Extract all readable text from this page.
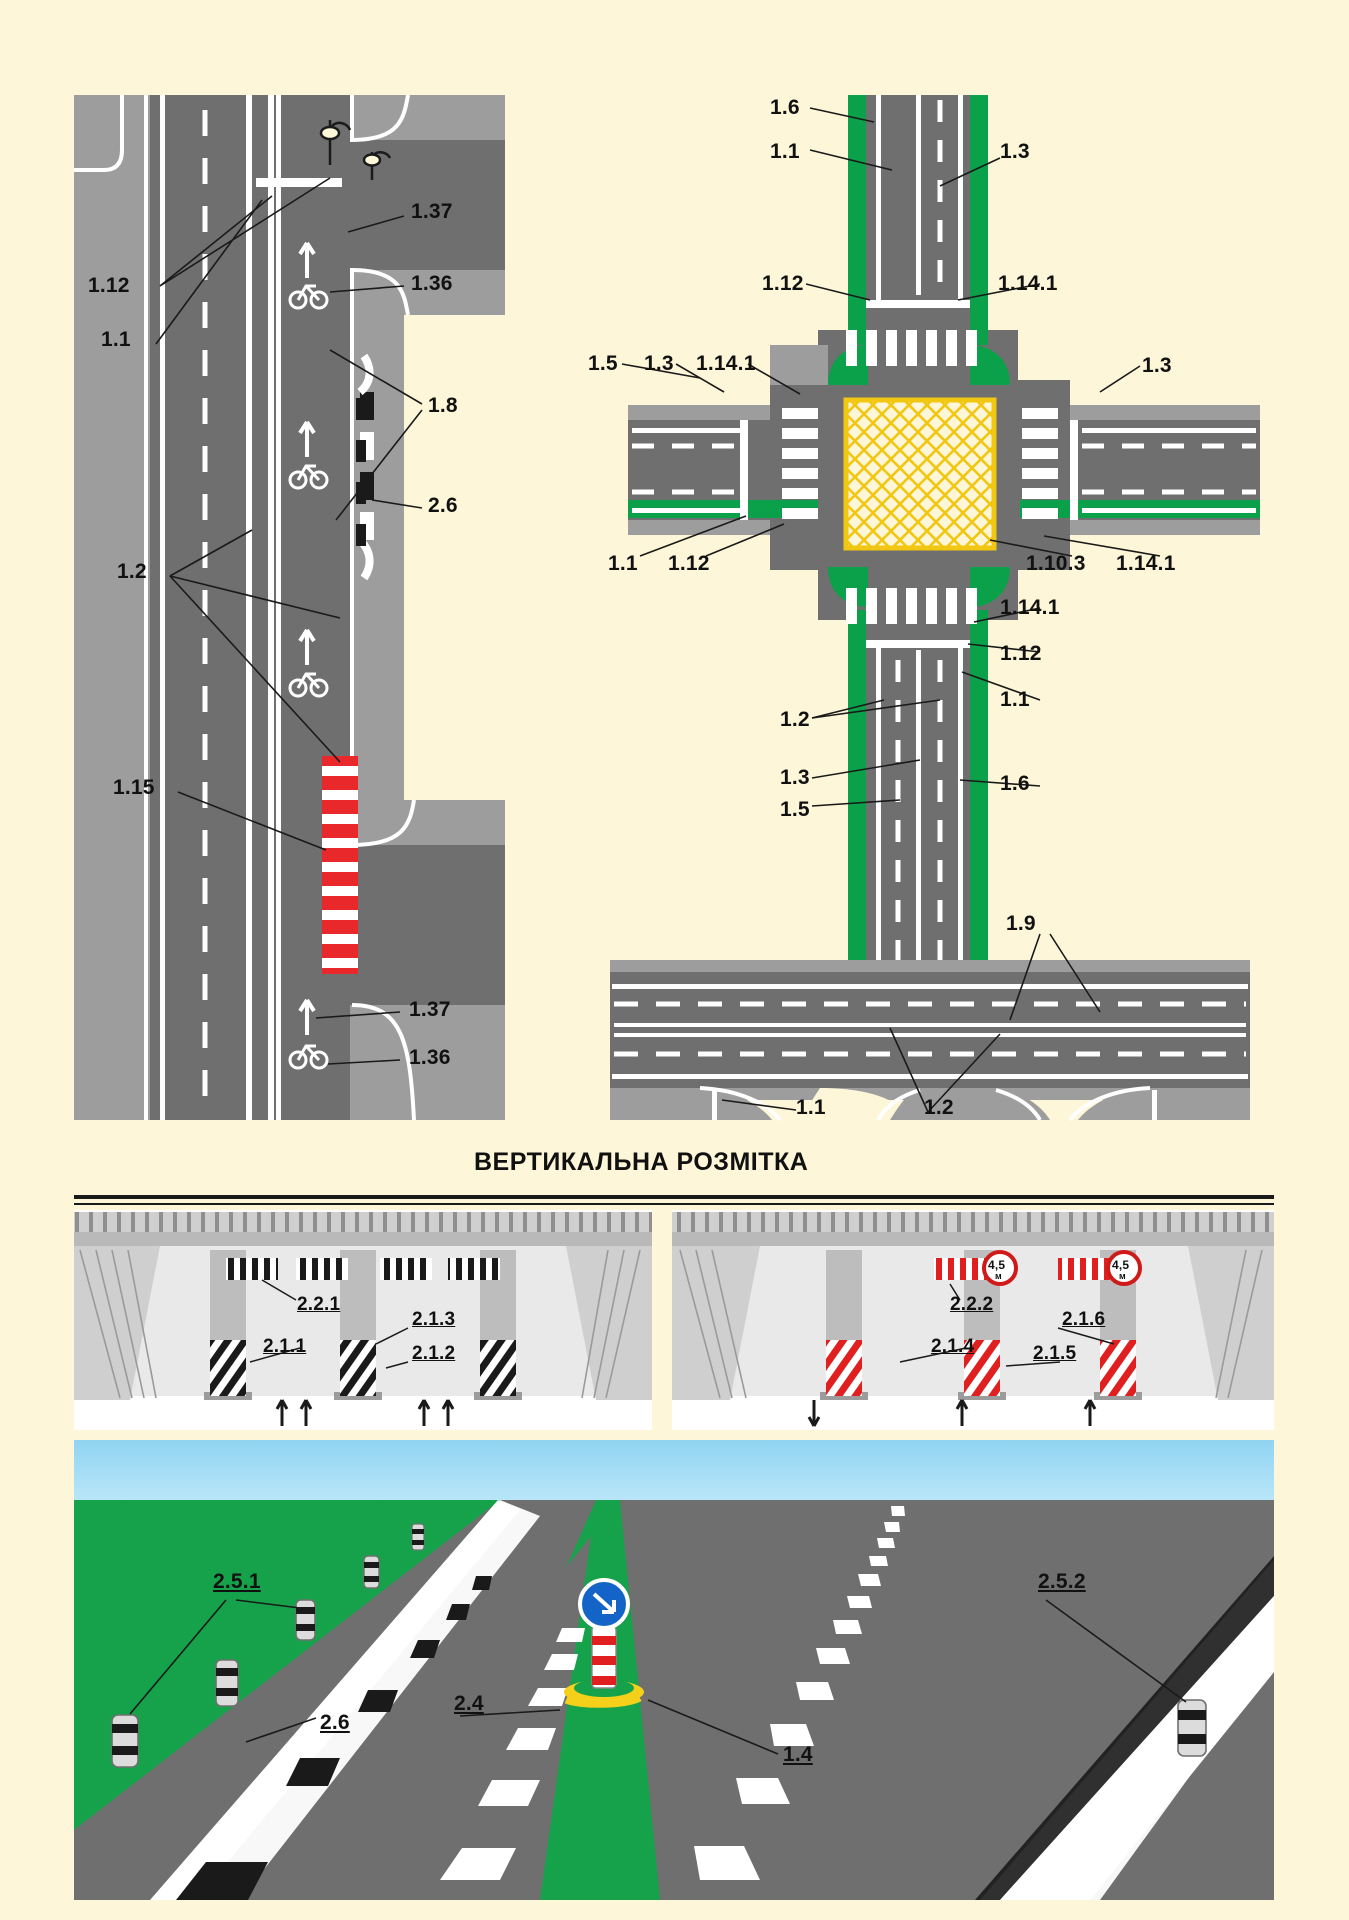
ВЕРТИКАЛЬНА РОЗМІТКА
1.37
1.36
1.12
1.1
1.8
2.6
1.2
1.15
1.37
1.36
1.6
1.1	1.3
1.12	1.14.1
1.5 1.3 1.14.1	1.3
1.1 1.12	1.10.3 1.14.1
1.14.1
1.12
1.1
1.2
1.3
1.5
1.6
1.9
1.1	1.2
2.2.1
2.1.1
2.1.3
2.1.2
2.2.2
2.1.4
2.1.6
2.1.5
4,5
м
4,5
м
2.5.1	2.5.2
2.6
2.4
1.4
